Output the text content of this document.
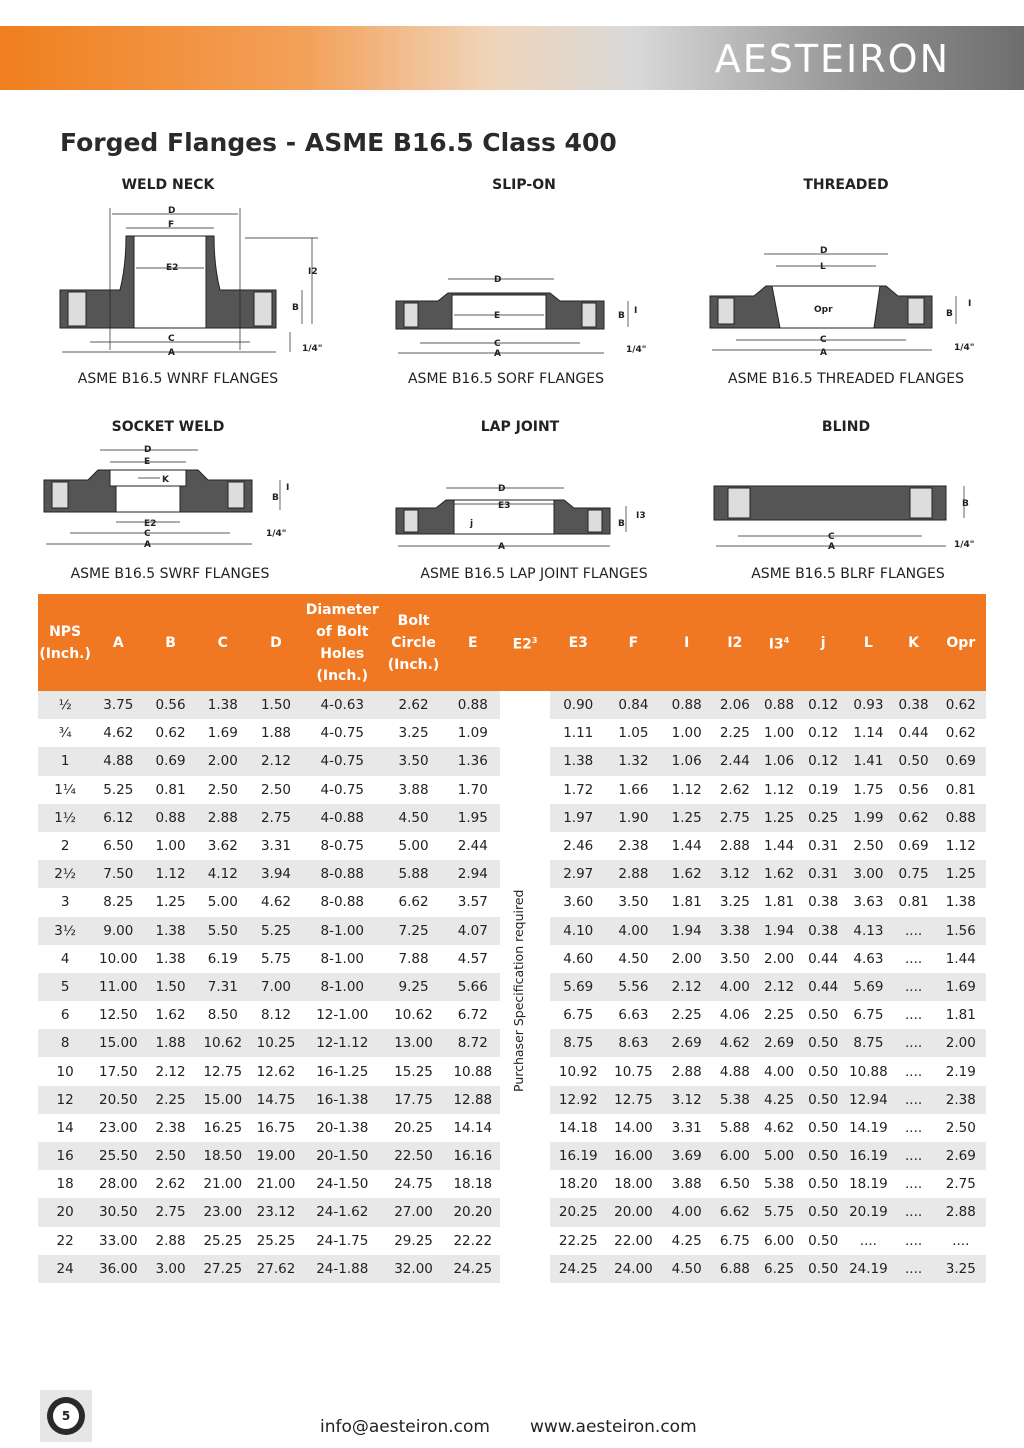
AESTEIRON
Forged Flanges - ASME B16.5 Class 400
WELD NECK	SLIP-ON	THREADED
SOCKET WELD	LAP JOINT	BLIND
D
F
E2	I2
B
C
A	1/4"
ASME B16.5 WNRF FLANGES
D
E	B I
C
A	1/4"
ASME B16.5 SORF FLANGES
D
L
Opr	B
I
C
A	1/4"
ASME B16.5 THREADED FLANGES
D
E
K
B
I
E2
C
A
1/4"
ASME B16.5 SWRF FLANGES
D
E3
j	B
I3
A
ASME B16.5 LAP JOINT FLANGES
B
C
A	1/4"
ASME B16.5 BLRF FLANGES
NPS (Inch.)	A	B	C	D	Diameter of Bolt Holes (Inch.)	Bolt Circle (Inch.)	E	$E2^3$	E3	F	I	I2	$I3^4$	j	L	K	Opr
½	3.75	0.56	1.38	1.50	4-0.63	2.62	0.88		0.90	0.84	0.88	2.06	0.88	0.12	0.93	0.38	0.62
¾	4.62	0.62	1.69	1.88	4-0.75	3.25	1.09		1.11	1.05	1.00	2.25	1.00	0.12	1.14	0.44	0.62
1	4.88	0.69	2.00	2.12	4-0.75	3.50	1.36		1.38	1.32	1.06	2.44	1.06	0.12	1.41	0.50	0.69
1¼	5.25	0.81	2.50	2.50	4-0.75	3.88	1.70		1.72	1.66	1.12	2.62	1.12	0.19	1.75	0.56	0.81
1½	6.12	0.88	2.88	2.75	4-0.88	4.50	1.95		1.97	1.90	1.25	2.75	1.25	0.25	1.99	0.62	0.88
2	6.50	1.00	3.62	3.31	8-0.75	5.00	2.44		2.46	2.38	1.44	2.88	1.44	0.31	2.50	0.69	1.12
2½	7.50	1.12	4.12	3.94	8-0.88	5.88	2.94		2.97	2.88	1.62	3.12	1.62	0.31	3.00	0.75	1.25
3	8.25	1.25	5.00	4.62	8-0.88	6.62	3.57		3.60	3.50	1.81	3.25	1.81	0.38	3.63	0.81	1.38
3½	9.00	1.38	5.50	5.25	8-1.00	7.25	4.07		4.10	4.00	1.94	3.38	1.94	0.38	4.13	....	1.56
4	10.00	1.38	6.19	5.75	8-1.00	7.88	4.57		4.60	4.50	2.00	3.50	2.00	0.44	4.63	....	1.44
5	11.00	1.50	7.31	7.00	8-1.00	9.25	5.66		5.69	5.56	2.12	4.00	2.12	0.44	5.69	....	1.69
6	12.50	1.62	8.50	8.12	12-1.00	10.62	6.72		6.75	6.63	2.25	4.06	2.25	0.50	6.75	....	1.81
8	15.00	1.88	10.62	10.25	12-1.12	13.00	8.72		8.75	8.63	2.69	4.62	2.69	0.50	8.75	....	2.00
10	17.50	2.12	12.75	12.62	16-1.25	15.25	10.88		10.92	10.75	2.88	4.88	4.00	0.50	10.88	....	2.19
12	20.50	2.25	15.00	14.75	16-1.38	17.75	12.88		12.92	12.75	3.12	5.38	4.25	0.50	12.94	....	2.38
14	23.00	2.38	16.25	16.75	20-1.38	20.25	14.14		14.18	14.00	3.31	5.88	4.62	0.50	14.19	....	2.50
16	25.50	2.50	18.50	19.00	20-1.50	22.50	16.16		16.19	16.00	3.69	6.00	5.00	0.50	16.19	....	2.69
18	28.00	2.62	21.00	21.00	24-1.50	24.75	18.18		18.20	18.00	3.88	6.50	5.38	0.50	18.19	....	2.75
20	30.50	2.75	23.00	23.12	24-1.62	27.00	20.20		20.25	20.00	4.00	6.62	5.75	0.50	20.19	....	2.88
22	33.00	2.88	25.25	25.25	24-1.75	29.25	22.22		22.25	22.00	4.25	6.75	6.00	0.50	....	....	....
24	36.00	3.00	27.25	27.62	24-1.88	32.00	24.25		24.25	24.00	4.50	6.88	6.25	0.50	24.19	....	3.25
Purchaser Specification required
5
info@aesteiron.com www.aesteiron.com
